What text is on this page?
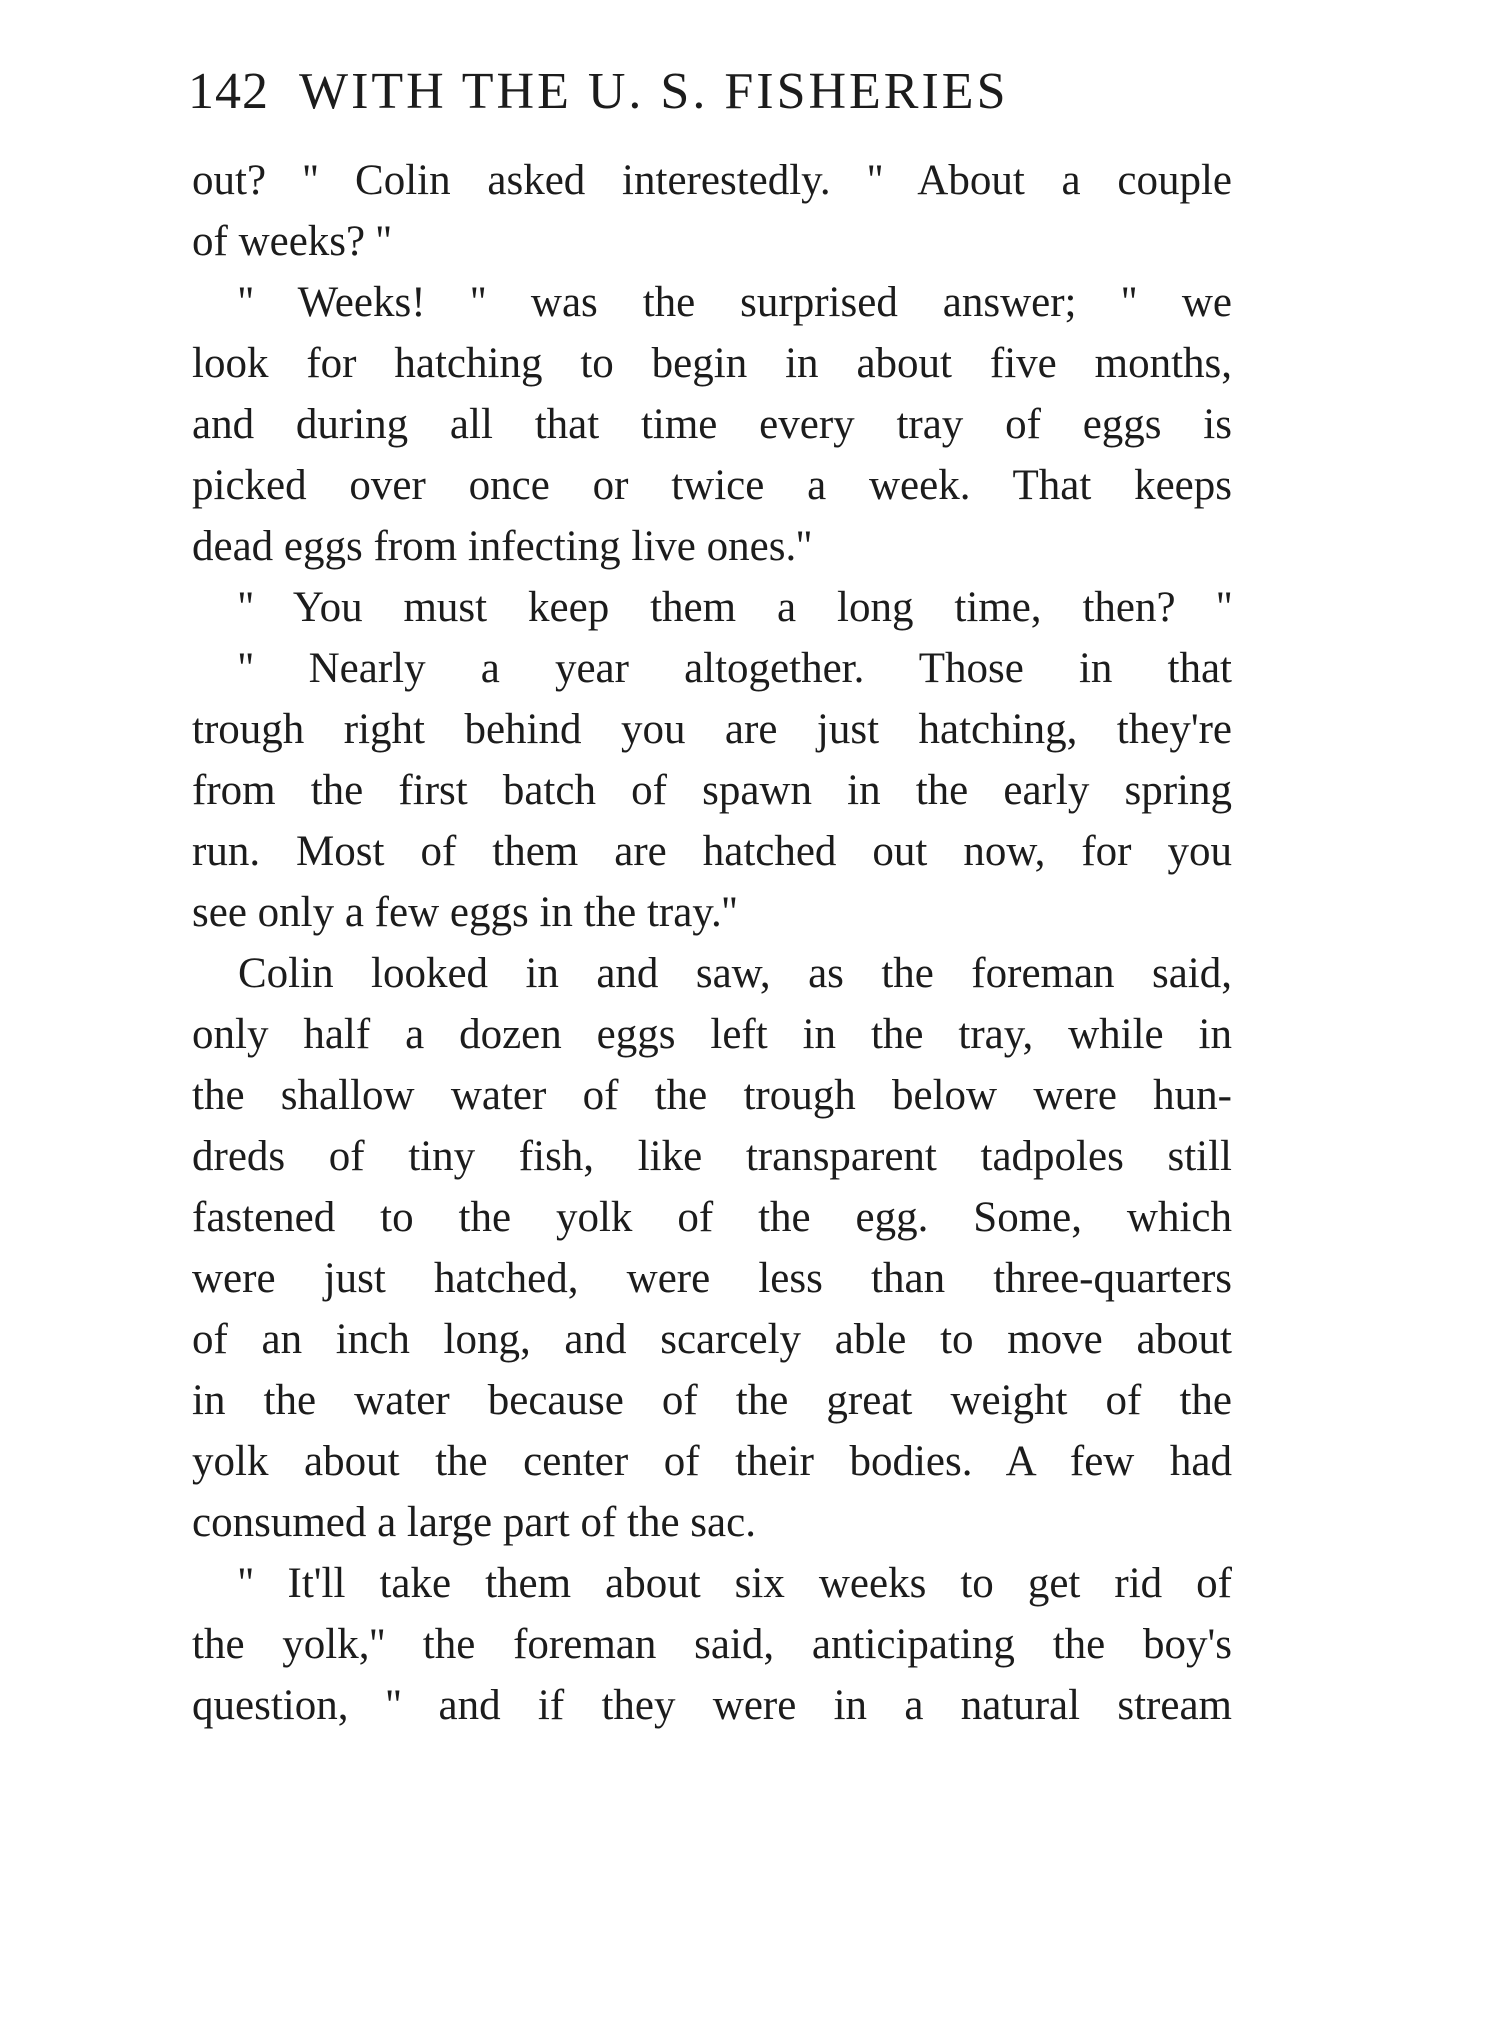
142 WITH THE U. S. FISHERIES
out? '' Colin asked interestedly. '' About a couple
of weeks? ''
'' Weeks! '' was the surprised answer; '' we
look for hatching to begin in about five months,
and during all that time every tray of eggs is
picked over once or twice a week. That keeps
dead eggs from infecting live ones.''
'' You must keep them a long time, then? ''
'' Nearly a year altogether. Those in that
trough right behind you are just hatching, they're
from the first batch of spawn in the early spring
run. Most of them are hatched out now, for you
see only a few eggs in the tray.''
Colin looked in and saw, as the foreman said,
only half a dozen eggs left in the tray, while in
the shallow water of the trough below were hun-
dreds of tiny fish, like transparent tadpoles still
fastened to the yolk of the egg. Some, which
were just hatched, were less than three-quarters
of an inch long, and scarcely able to move about
in the water because of the great weight of the
yolk about the center of their bodies. A few had
consumed a large part of the sac.
'' It'll take them about six weeks to get rid of
the yolk,'' the foreman said, anticipating the boy's
question, '' and if they were in a natural stream
